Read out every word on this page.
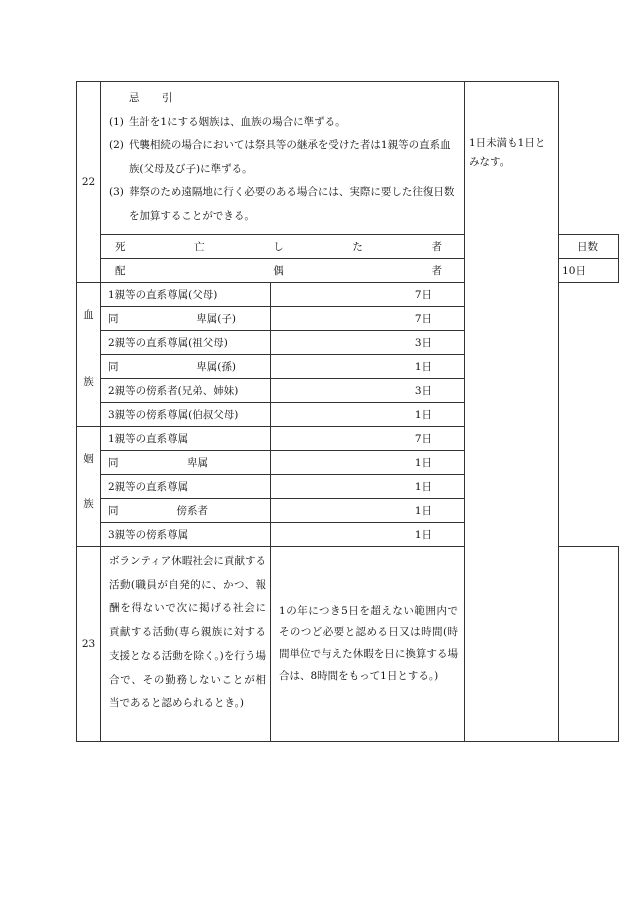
22	忌　引
(1) 生計を1にする姻族は、血族の場合に準ずる。
(2) 代襲相続の場合においては祭具等の継承を受けた者は1親等の直系血族(父母及び子)に準ずる。
(3) 葬祭のため遠隔地に行く必要のある場合には、実際に要した往復日数を加算することができる。		1日未満も1日とみなす。	

	死 亡 し た 者			日 数

	配 偶 者			10日

血
族	1親等の直系尊属(父母)	7日		

	同 卑属(子)	7日		
	2親等の直系尊属(祖父母)	3日		

	同 卑属(孫)	1日		
	2親等の傍系者(兄弟、姉妹)	3日		
	3親等の傍系尊属(伯叔父母)	1日		

姻
族	1親等の直系尊属	7日		

	同 卑属	1日		
	2親等の直系尊属	1日		

	同 傍系者	1日		
	3親等の傍系尊属	1日		
23	ボランティア休暇社会に貢献する活動(職員が自発的に、かつ、報酬を得ないで次に掲げる社会に貢献する活動(専ら親族に対する支援となる活動を除く。)を行う場合で、その勤務しないことが相当であると認められるとき。)	1の年につき5日を超えない範囲内でそのつど必要と認める日又は時間(時間単位で与えた休暇を日に換算する場合は、8時間をもって1日とする。)		
